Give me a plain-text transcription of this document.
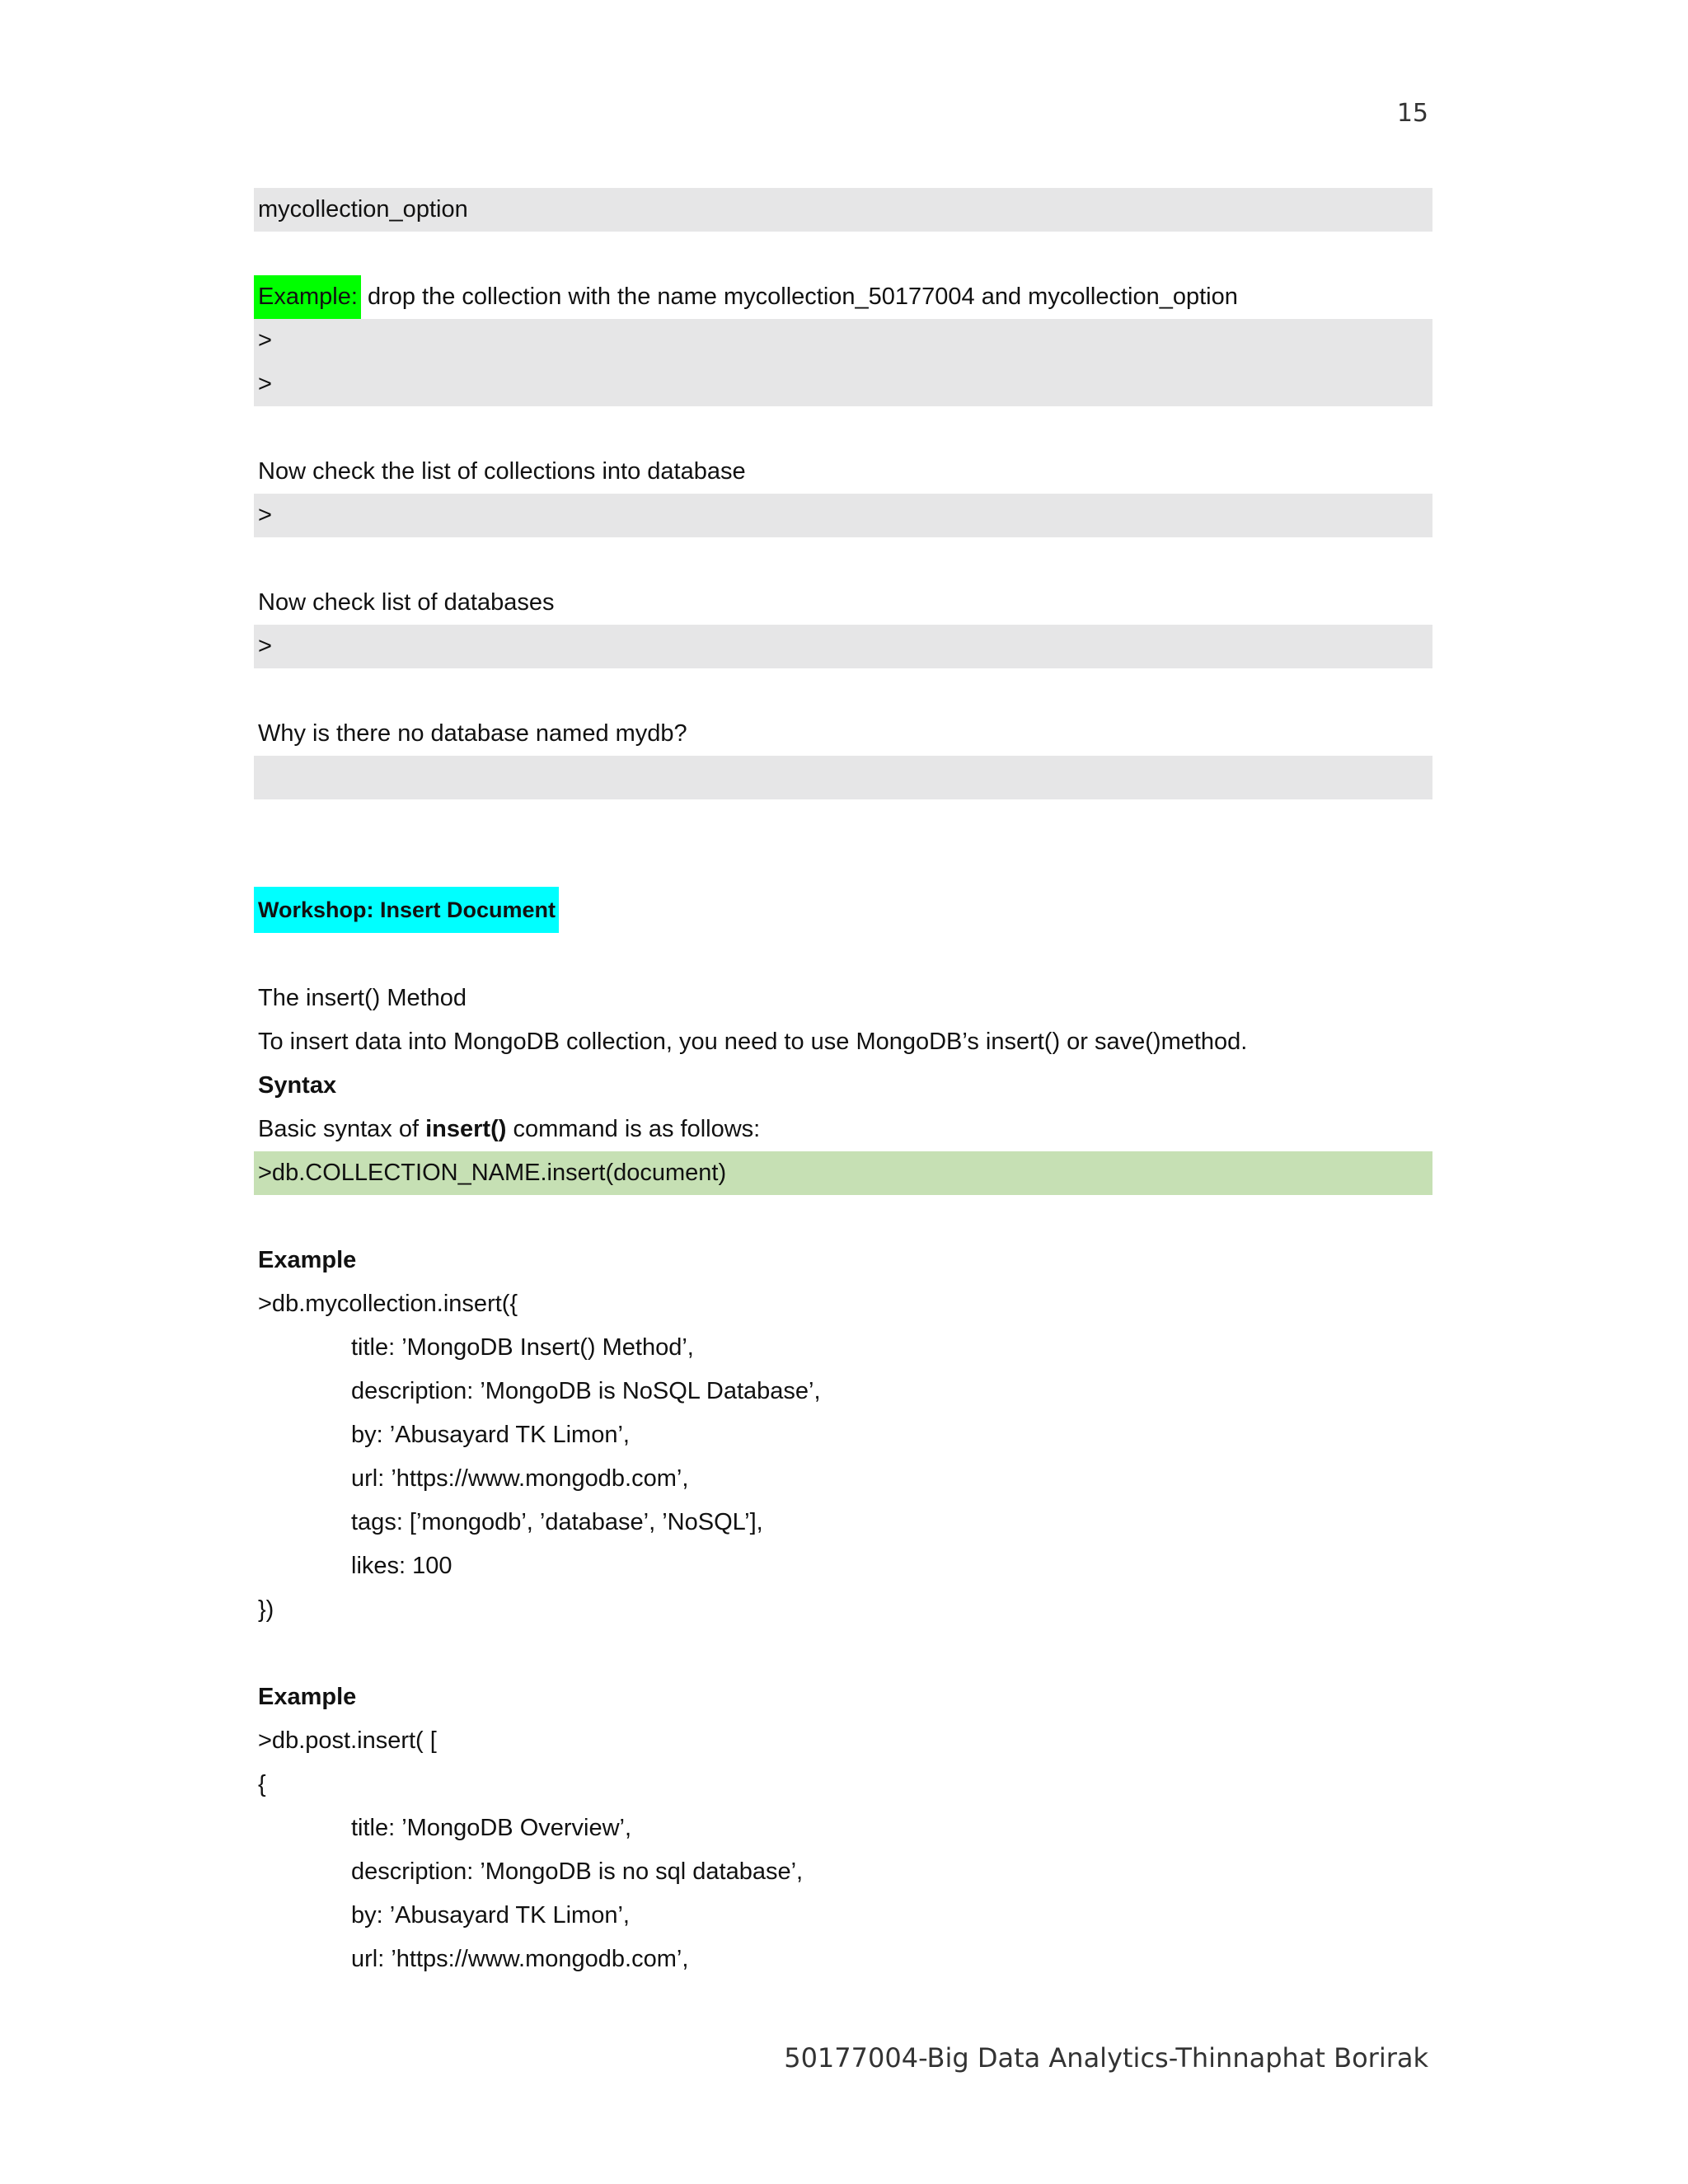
15
mycollection_option
Example: drop the collection with the name mycollection_50177004 and mycollection_option
>
>
Now check the list of collections into database
>
Now check list of databases
>
Why is there no database named mydb?
Workshop: Insert Document
The insert() Method
To insert data into MongoDB collection, you need to use MongoDB’s insert() or save()method.
Syntax
Basic syntax of insert() command is as follows:
>db.COLLECTION_NAME.insert(document)
Example
>db.mycollection.insert({
title: ’MongoDB Insert() Method’,
description: ’MongoDB is NoSQL Database’,
by: ’Abusayard TK Limon’,
url: ’https://www.mongodb.com’,
tags: [’mongodb’, ’database’, ’NoSQL’],
likes: 100
})
Example
>db.post.insert( [
{
title: ’MongoDB Overview’,
description: ’MongoDB is no sql database’,
by: ’Abusayard TK Limon’,
url: ’https://www.mongodb.com’,
50177004-Big Data Analytics-Thinnaphat Borirak
